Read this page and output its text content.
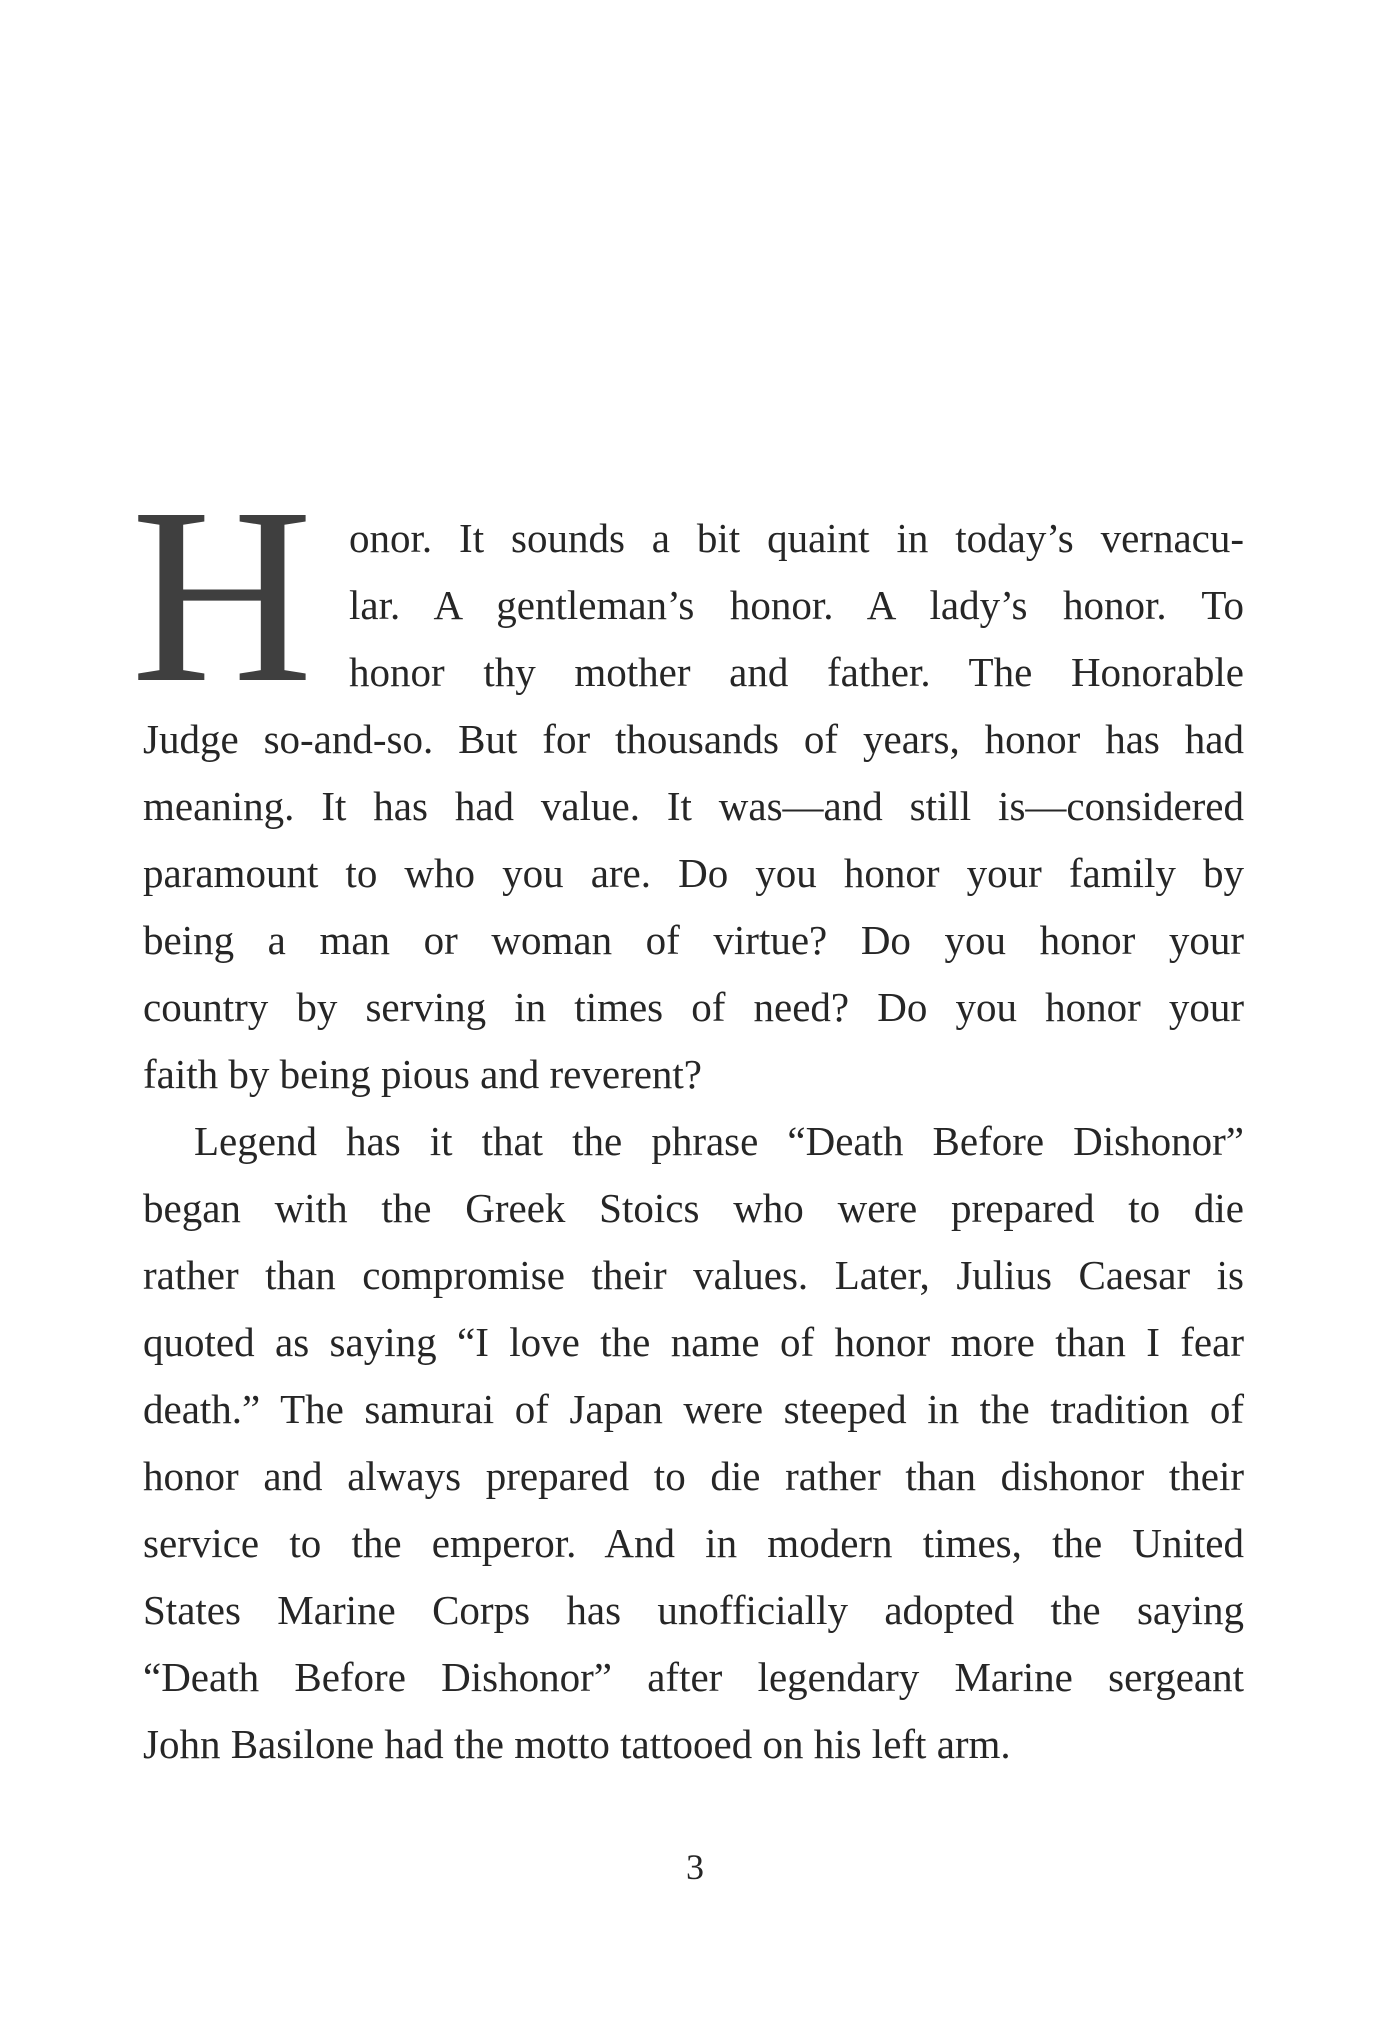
H onor. It sounds a bit quaint in today’s vernacu-
lar. A gentleman’s honor. A lady’s honor. To
honor thy mother and father. The Honorable
Judge so-and-so. But for thousands of years, honor has had
meaning. It has had value. It was—and still is—considered
paramount to who you are. Do you honor your family by
being a man or woman of virtue? Do you honor your
country by serving in times of need? Do you honor your
faith by being pious and reverent?
Legend has it that the phrase “Death Before Dishonor”
began with the Greek Stoics who were prepared to die
rather than compromise their values. Later, Julius Caesar is
quoted as saying “I love the name of honor more than I fear
death.” The samurai of Japan were steeped in the tradition of
honor and always prepared to die rather than dishonor their
service to the emperor. And in modern times, the United
States Marine Corps has unofficially adopted the saying
“Death Before Dishonor” after legendary Marine sergeant
John Basilone had the motto tattooed on his left arm.
3
